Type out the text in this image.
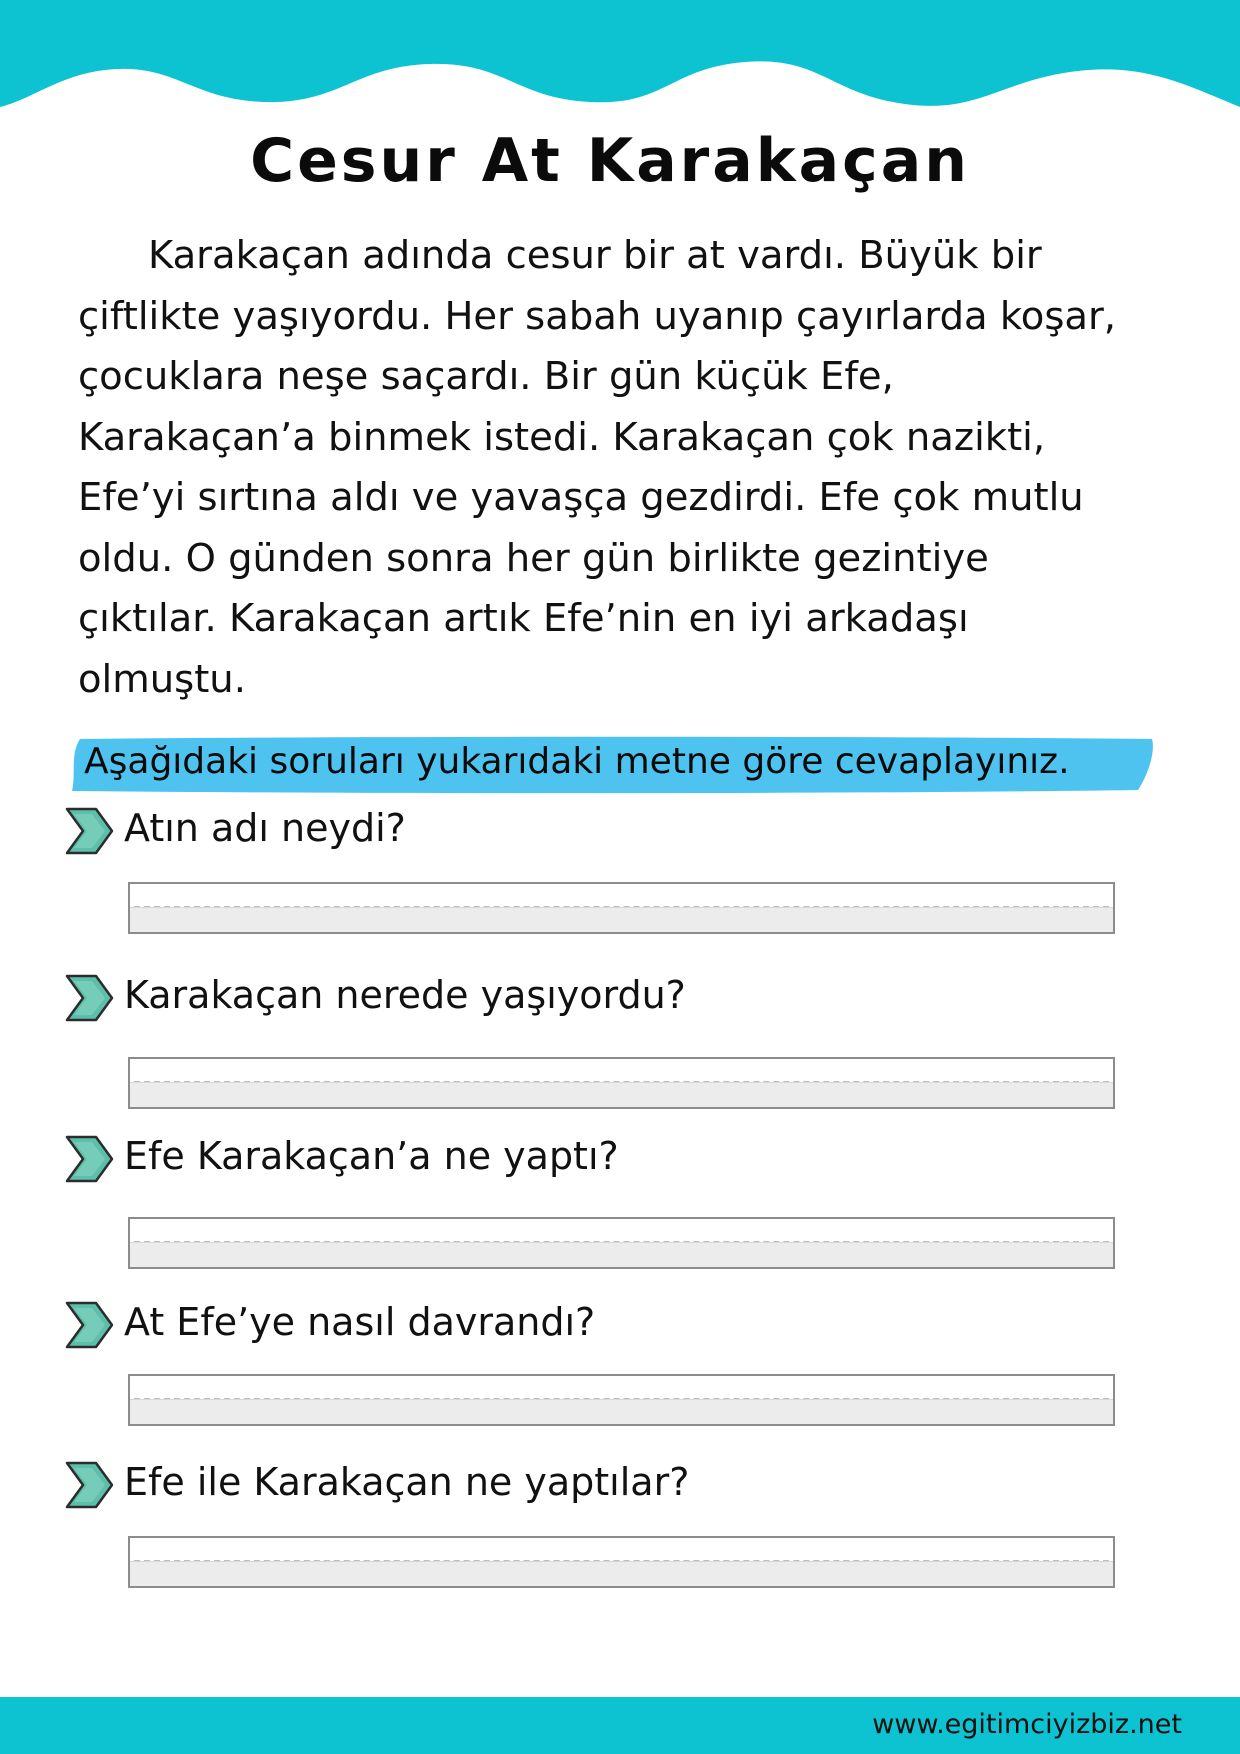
Cesur At Karakaçan
Karakaçan adında cesur bir at vardı. Büyük bir
çiftlikte yaşıyordu. Her sabah uyanıp çayırlarda koşar,
çocuklara neşe saçardı. Bir gün küçük Efe,
Karakaçan’a binmek istedi. Karakaçan çok nazikti,
Efe’yi sırtına aldı ve yavaşça gezdirdi. Efe çok mutlu
oldu. O günden sonra her gün birlikte gezintiye
çıktılar. Karakaçan artık Efe’nin en iyi arkadaşı
olmuştu.
Aşağıdaki soruları yukarıdaki metne göre cevaplayınız.
Atın adı neydi?
Karakaçan nerede yaşıyordu?
Efe Karakaçan’a ne yaptı?
At Efe’ye nasıl davrandı?
Efe ile Karakaçan ne yaptılar?
www.egitimciyizbiz.net
